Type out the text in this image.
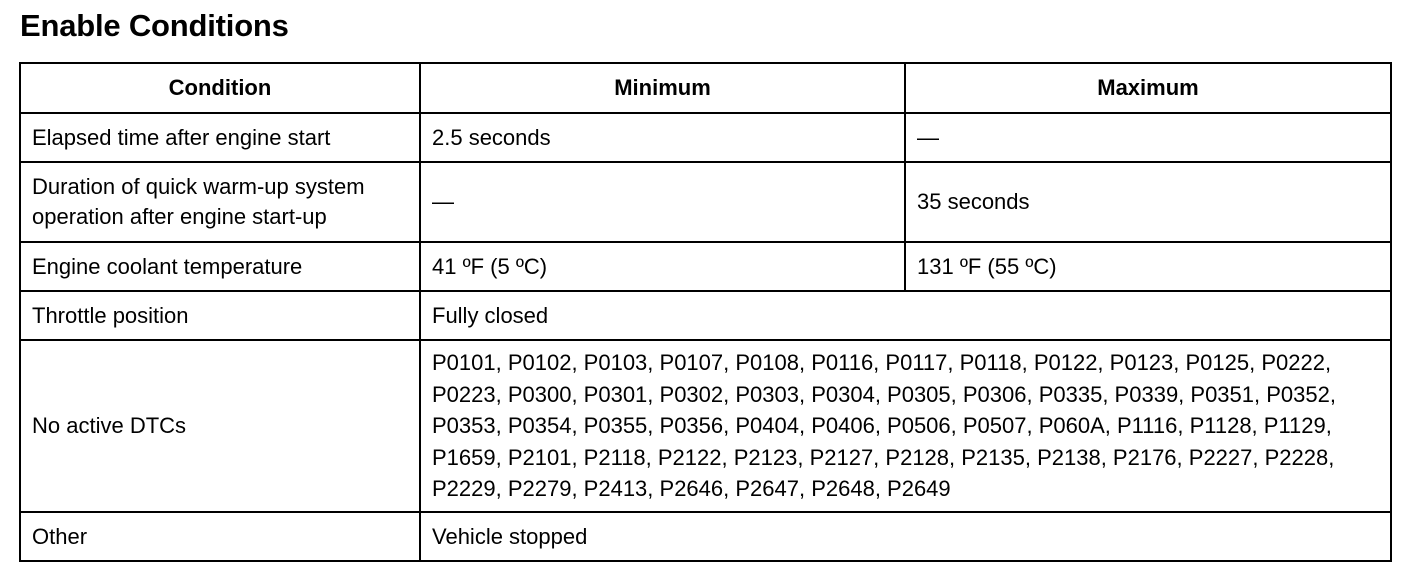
Enable Conditions
Condition	Minimum	Maximum
Elapsed time after engine start	2.5 seconds	—

Duration of quick warm-up system operation after engine start-up	—	35 seconds
Engine coolant temperature	41 ºF (5 ºC)	131 ºF (55 ºC)
Throttle position	Fully closed	
No active DTCs	P0101, P0102, P0103, P0107, P0108, P0116, P0117, P0118, P0122, P0123, P0125, P0222, P0223, P0300, P0301, P0302, P0303, P0304, P0305, P0306, P0335, P0339, P0351, P0352, P0353, P0354, P0355, P0356, P0404, P0406, P0506, P0507, P060A, P1116, P1128, P1129, P1659, P2101, P2118, P2122, P2123, P2127, P2128, P2135, P2138, P2176, P2227, P2228, P2229, P2279, P2413, P2646, P2647, P2648, P2649	

Other	Vehicle stopped	
